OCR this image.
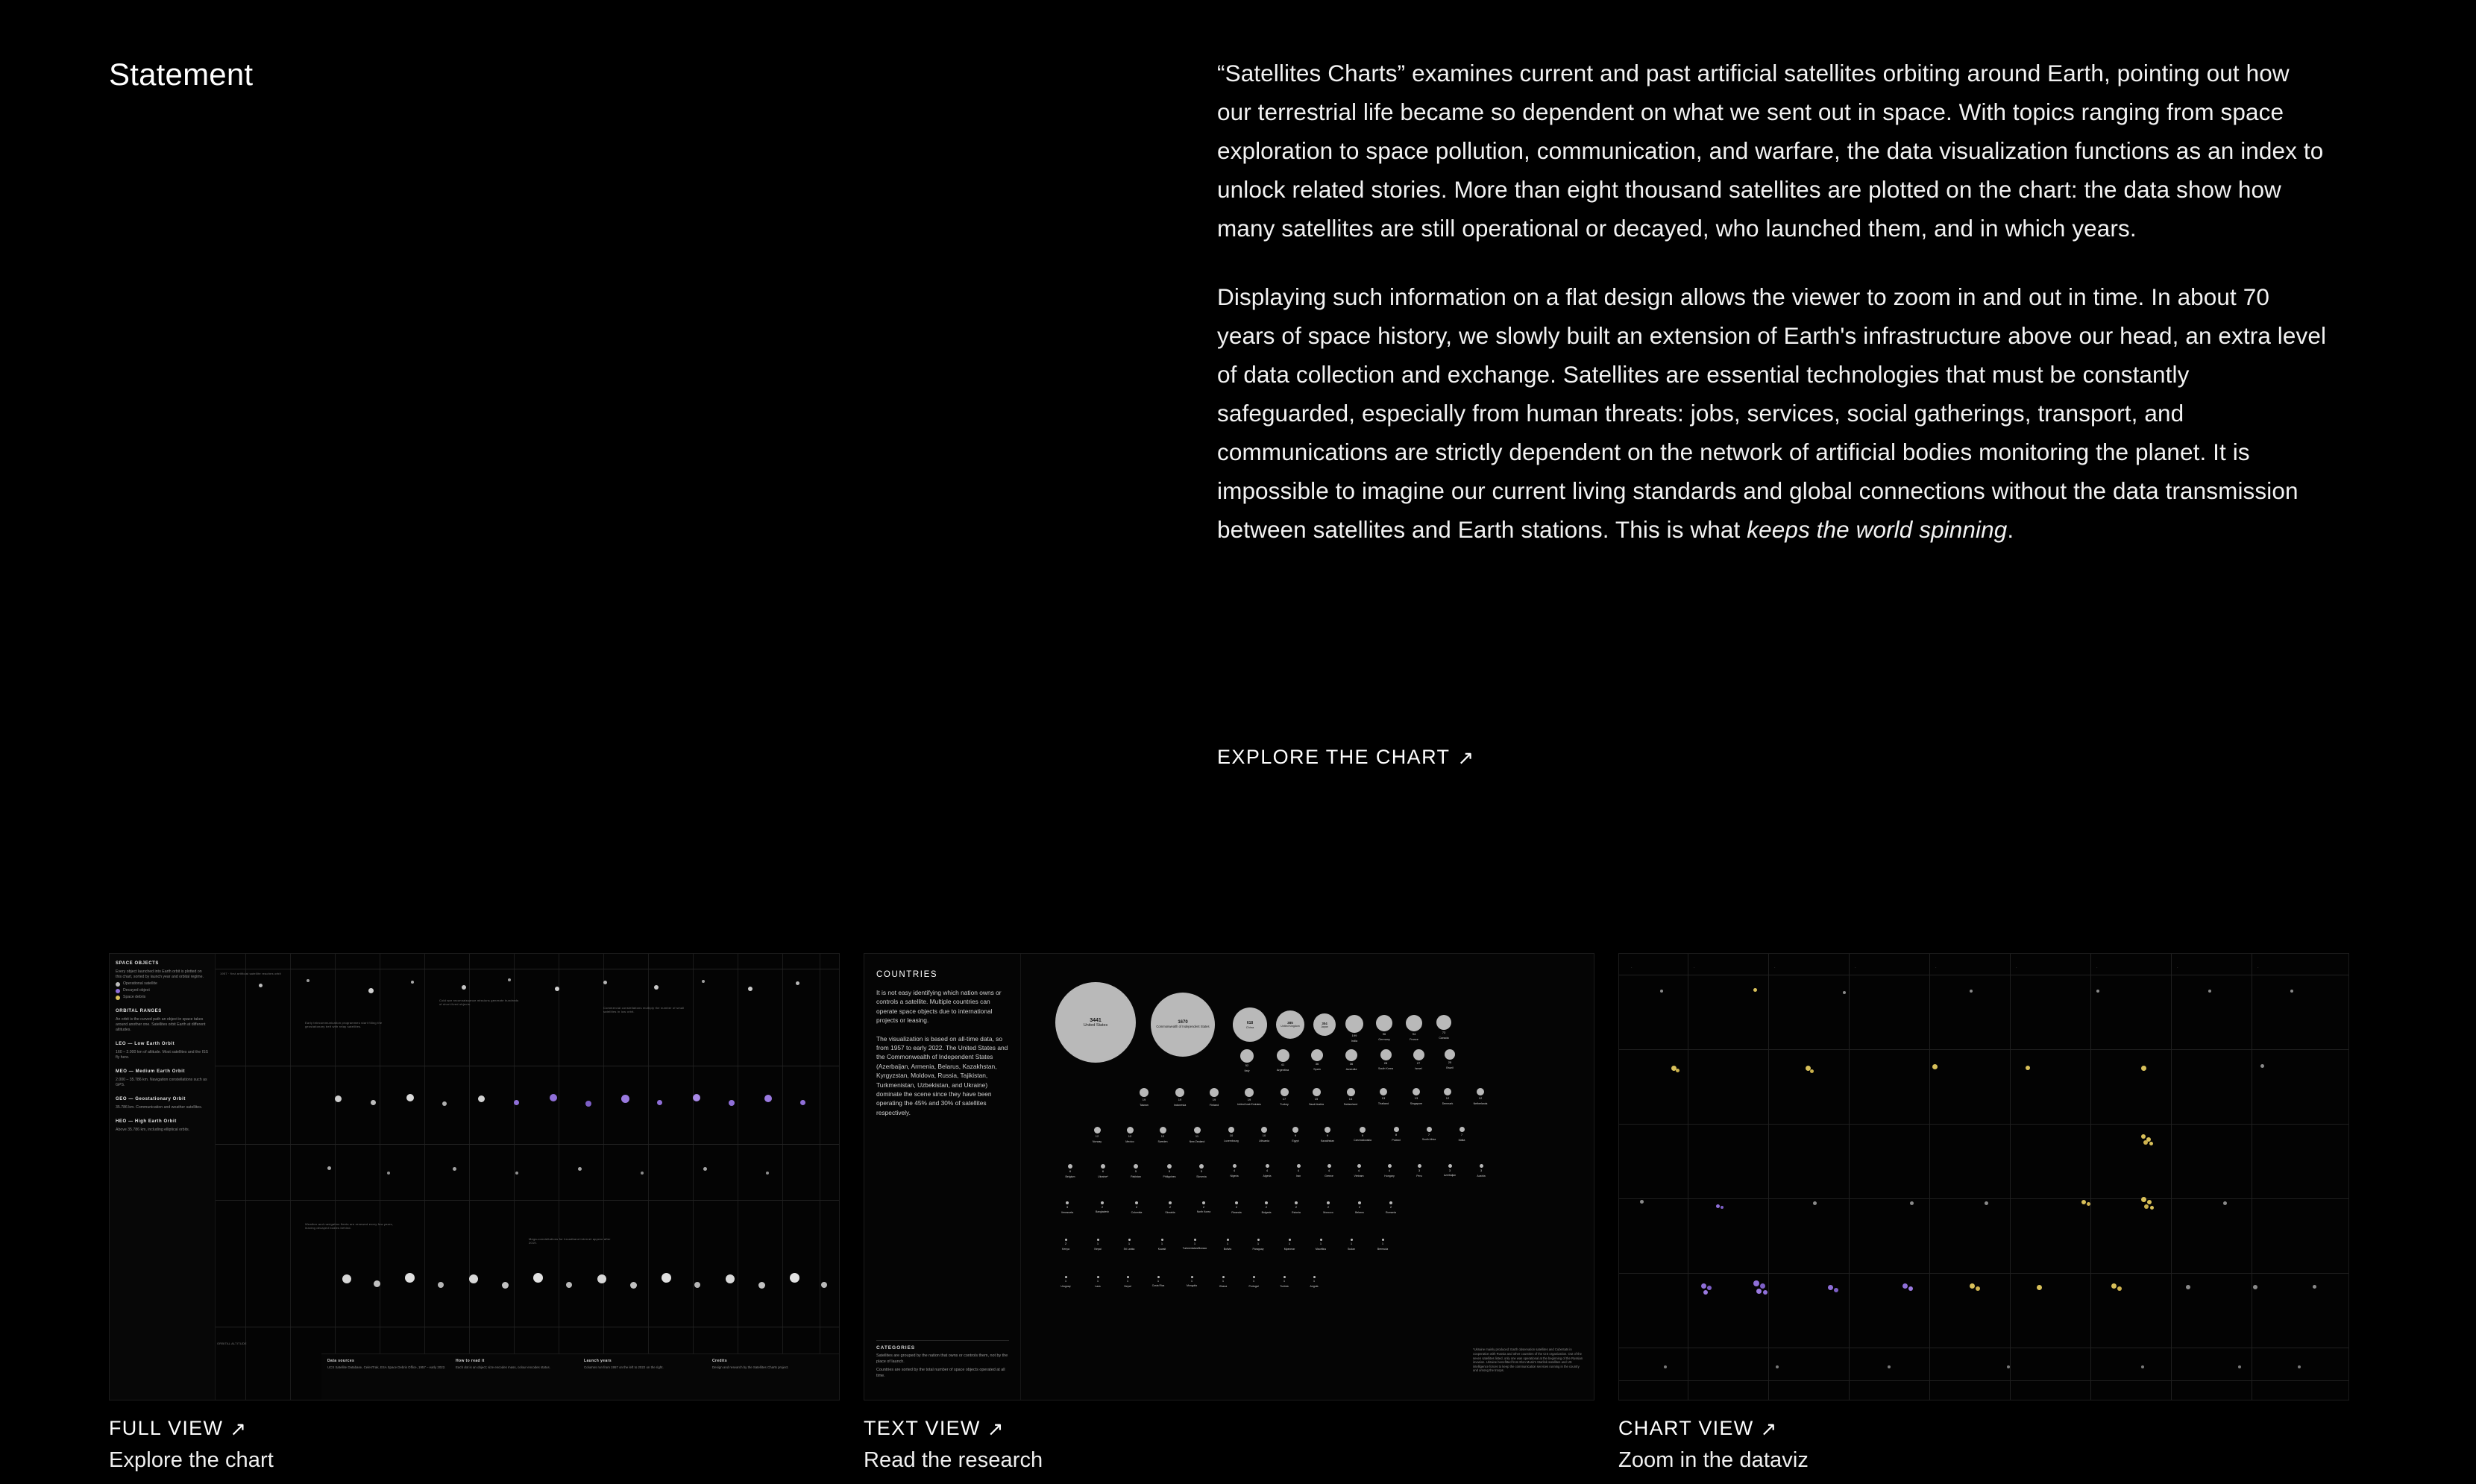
Statement	“Satellites Charts” examines current and past artificial satellites orbiting around Earth, pointing out how our terrestrial life became so dependent on what we sent out in space. With topics ranging from space exploration to space pollution, communication, and warfare, the data visualization functions as an index to unlock related stories. More than eight thousand satellites are plotted on the chart: the data show how many satellites are still operational or decayed, who launched them, and in which years.

Displaying such information on a flat design allows the viewer to zoom in and out in time. In about 70 years of space history, we slowly built an extension of Earth's infrastructure above our head, an extra level of data collection and exchange. Satellites are essential technologies that must be constantly safeguarded, especially from human threats: jobs, services, social gatherings, transport, and communications are strictly dependent on the network of artificial bodies monitoring the planet. It is impossible to imagine our current living standards and global connections without the data transmission between satellites and Earth stations. This is what keeps the world spinning.

EXPLORE THE CHART ↗
SPACE OBJECTS
Every object launched into Earth orbit is plotted on this chart, sorted by launch year and orbital regime.
Operational satellite
Decayed object
Space debris
ORBITAL RANGES
An orbit is the curved path an object in space takes around another one. Satellites orbit Earth at different altitudes.
LEO — Low Earth Orbit
160 – 2.000 km of altitude. Most satellites and the ISS fly here.
MEO — Medium Earth Orbit
2.000 – 35.786 km. Navigation constellations such as GPS.
GEO — Geostationary Orbit
35.786 km. Communication and weather satellites.
HEO — High Earth Orbit
Above 35.786 km, including elliptical orbits.
1957 · first artificial satellite reaches orbit
Early telecommunication programmes start filling the geostationary belt with relay satellites.
Cold war reconnaissance missions generate hundreds of short-lived objects.
Commercial constellations multiply the number of small satellites in low orbit.
Weather and navigation fleets are renewed every few years, leaving decayed bodies behind.
Mega-constellations for broadband internet appear after 2019.
ORBITAL ALTITUDE
Data sources
UCS Satellite Database, CelesTrak, ESA Space Debris Office, 1957 – early 2022.
How to read it
Each dot is an object; size encodes mass, colour encodes status.
Launch years
Columns run from 1957 on the left to 2022 on the right.
Credits
Design and research by the Satellites Charts project.
FULL VIEW ↗
Explore the chart
COUNTRIES

It is not easy identifying which nation owns or controls a satellite. Multiple countries can operate space objects due to international projects or leasing.

The visualization is based on all-time data, so from 1957 to early 2022. The United States and the Commonwealth of Independent States (Azerbaijan, Armenia, Belarus, Kazakhstan, Kyrgyzstan, Moldova, Russia, Tajikistan, Turkmenistan, Uzbekistan, and Ukraine) dominate the scene since they have been operating the 45% and 30% of satellites respectively.

CATEGORIES

Satellites are grouped by the nation that owns or controls them, not by the place of launch.

Countries are sorted by the total number of space objects operated at all time.

3441
United States
1670
Commonwealth of Independent States
618
China
385
United Kingdom
304
Japan
199
India
96
Germany
94
France
73
Canada
52
Italy
41
Argentina
36
Spain
36
Australia
28
South Korea
27
Israel
25
Brazil
19
Taiwan
19
Indonesia
19
Finland
19
United Arab Emirates
17
Turkey
15
Saudi Arabia
14
Switzerland
13
Thailand
13
Singapore
12
Denmark
12
Netherlands
12
Norway
12
Mexico
12
Sweden
11
New Zealand
10
Luxembourg
10
Lithuania
9
Egypt
9
Kazakhstan
9
Czechoslovakia
8
Poland
7
South Africa
7
Malta
6
Belgium
6
Ukraine*
5
Pakistan
5
Philippines
5
Slovenia
4
Nigeria
4
Algeria
4
Iran
4
Greece
4
Vietnam
4
Hungary
3
Peru
3
Azerbaijan
3
Austria
3
Venezuela
2
Bangladesh
2
Colombia
2
Slovakia
2
North Korea
2
Rwanda
2
Bulgaria
2
Estonia
2
Morocco
2
Belarus
2
Romania
2
Kenya
1
Nepal
1
Sri Lanka
1
Kuwait
1
Turkmenistan/Monaco
1
Bolivia
1
Paraguay
1
Myanmar
1
Mauritius
1
Sudan
1
Bermuda
1
Uruguay
1
Laos
1
Nepal
1
Costa Rica
1
Mongolia
1
Ghana
1
Portugal
1
Tunisia
1
Angola
*Ukraine mainly produced: Earth observation satellites and CubeSats in cooperation with Russia and other countries of the CIS organization. Out of the seven satellites listed, only one was operational at the beginning of the Russian invasion. Ukraine benefitted from Elon Musk's Starlink satellites and US intelligence forces to keep the communication services running in the country and among the troops.
TEXT VIEW ↗
Read the research
·	·	·	·	·	·	·	·	·
CHART VIEW ↗
Zoom in the dataviz
